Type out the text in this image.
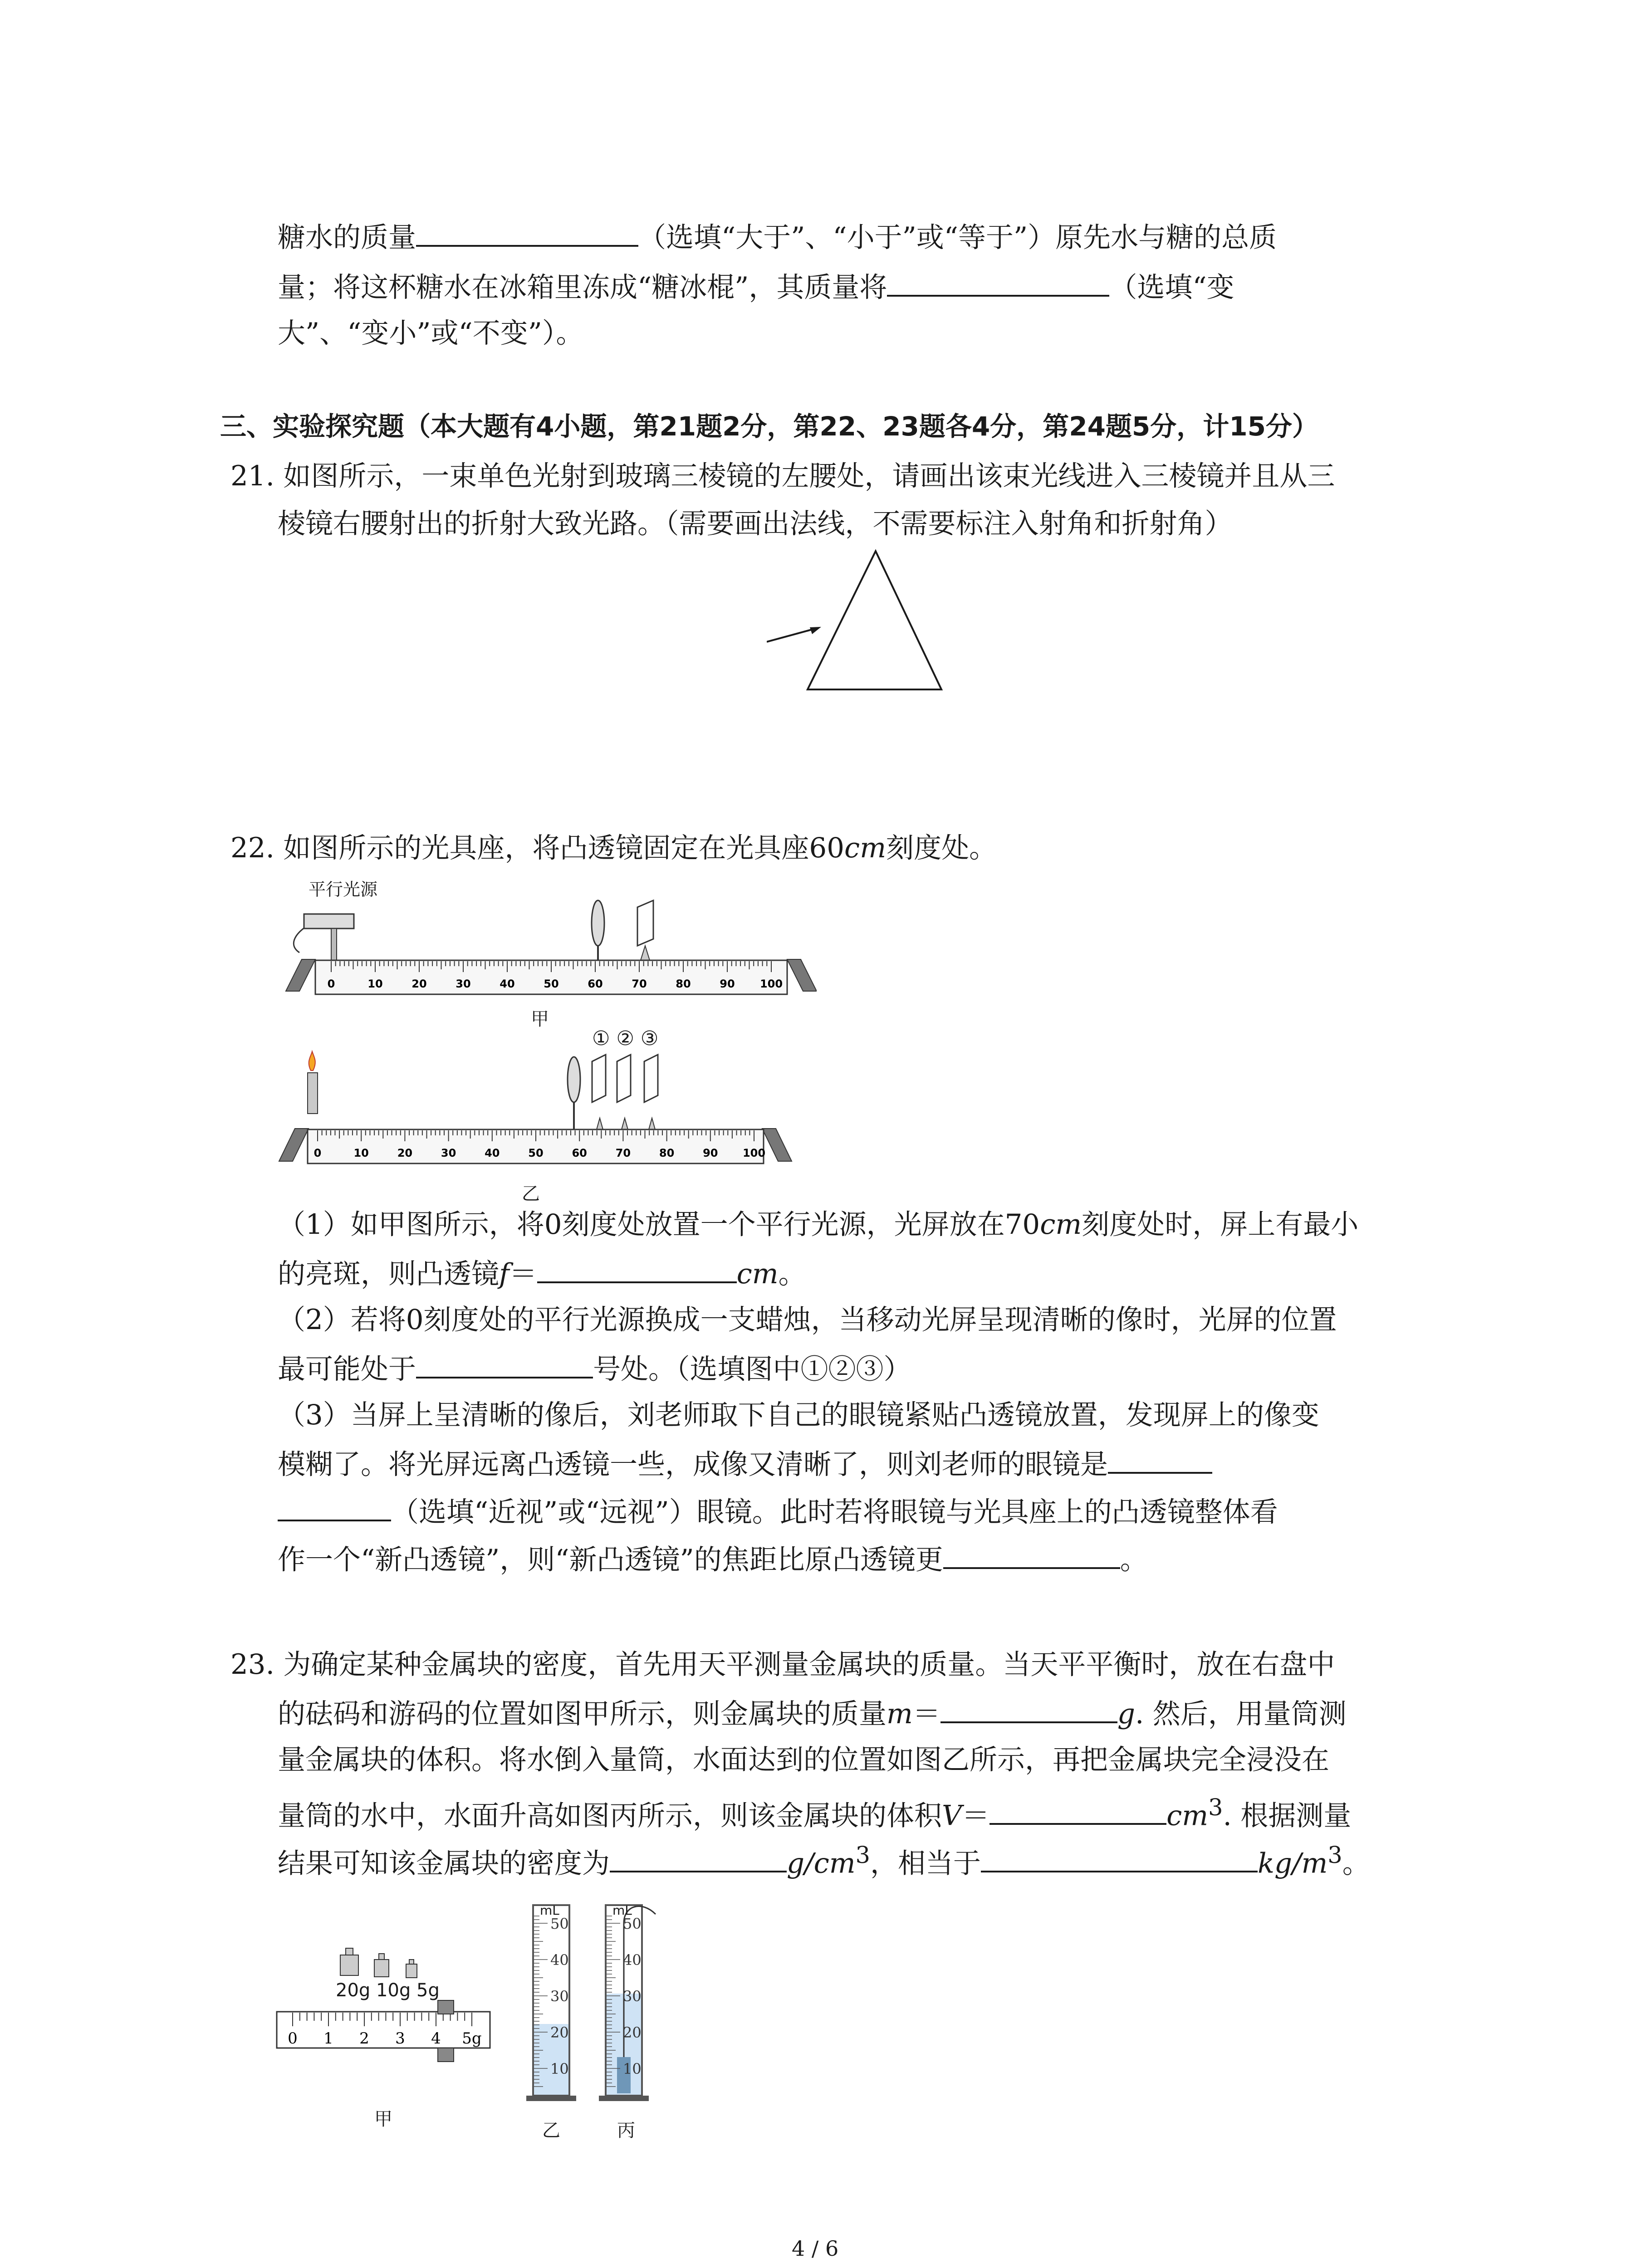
糖水的质量	（选填“大于”、“小于”或“等于”）原先水与糖的总质
量；将这杯糖水在冰箱里冻成“糖冰棍”，其质量将	（选填“变
大”、“变小”或“不变”）。
三、实验探究题（本大题有4小题，第21题2分，第22、23题各4分，第24题5分，计15分）
21. 如图所示，一束单色光射到玻璃三棱镜的左腰处，请画出该束光线进入三棱镜并且从三
棱镜右腰射出的折射大致光路。（需要画出法线，不需要标注入射角和折射角）
22. 如图所示的光具座，将凸透镜固定在光具座60cm刻度处。
平行光源
0	10	20	30	40	50	60	70	80	90 100
甲
0	10	20	30	40	50	60	70	80	90 100
① ② ③
乙
（1）如甲图所示，将0刻度处放置一个平行光源，光屏放在70cm刻度处时，屏上有最小
的亮斑，则凸透镜f＝	cm。
（2）若将0刻度处的平行光源换成一支蜡烛，当移动光屏呈现清晰的像时，光屏的位置
最可能处于	号处。（选填图中①②③）
（3）当屏上呈清晰的像后，刘老师取下自己的眼镜紧贴凸透镜放置，发现屏上的像变
模糊了。将光屏远离凸透镜一些，成像又清晰了，则刘老师的眼镜是
（选填“近视”或“远视”）眼镜。此时若将眼镜与光具座上的凸透镜整体看
作一个“新凸透镜”，则“新凸透镜”的焦距比原凸透镜更	。
23. 为确定某种金属块的密度，首先用天平测量金属块的质量。当天平平衡时，放在右盘中
的砝码和游码的位置如图甲所示，则金属块的质量m＝	g. 然后，用量筒测
量金属块的体积。将水倒入量筒，水面达到的位置如图乙所示，再把金属块完全浸没在
量筒的水中，水面升高如图丙所示，则该金属块的体积V＝	$cm^3$. 根据测量
结果可知该金属块的密度为	$g/cm^3$，相当于	$kg/m^3$。
0 1 2 3 4 5g
20g 10g 5g
甲
50
40
30
20
10
mL
乙
50
40
30
20
10
mL
丙
4 / 6
